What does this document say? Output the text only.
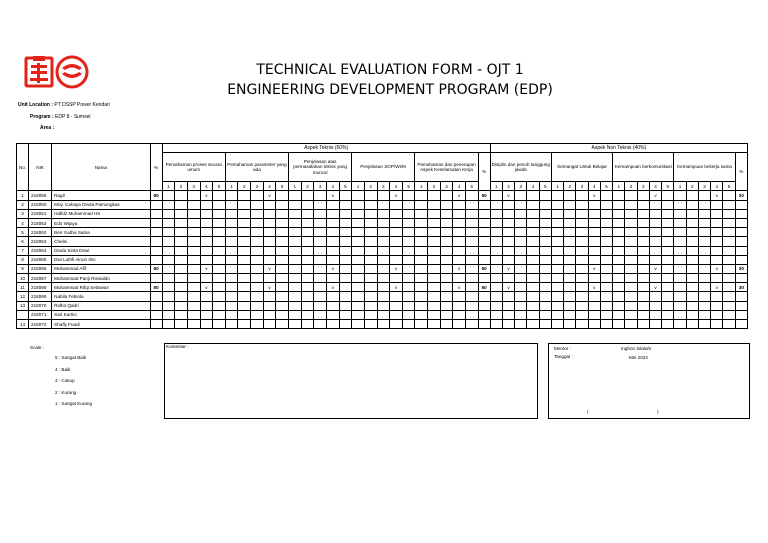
TECHNICAL EVALUATION FORM - OJT 1
ENGINEERING DEVELOPMENT PROGRAM (EDP)
Unit Location : PT DSSP Power Kendari
Program : EDP 8 - Sumsel
Area :
No.	NIK	Nama	%	Aspek Teknis (60%)																										Aspek Non Teknis (40%)																				
				Pemahaman proses secara umum					Pemahaman parameter yang ada					Penjelasan atas permasalahan teknis yang muncul					Penjelasan SOP/WI/IK					Pemahaman dan penerapan Aspek Keselamatan Kerja					%	Disiplin dan penuh tanggung jawab					Semangat Untuk Belajar					Kemampuan berkomunikasi					Kemampuan bekerja sama					%
				1	2	3	4	5	1	2	3	4	5	1	2	3	4	5	1	2	3	4	5	1	2	3	4	5		1	2	3	4	5	1	2	3	4	5	1	2	3	4	5	1	2	3	4	5	
1	218056	Ragil	80				v					v					v					v					v		50		v							v					v					v		30
2	218050	Moy. Cahaya Dinda Pamungkas																																																
3	218051	Hafidz Muhammad HS																																																
4	218052	Edo Wijaya																																																
5	218062	Ben Yudha Satria																																																
6	218063	Chelsi																																																
7	218064	Dinda Sinta Dewi																																																
8	218065	Dwi Luthfi Ainun Ilmi																																																
9	218066	Muhammad Afif	80				v					v					v					v					v		50		v							v					v					v		30
10	218067	Muhammad Panji Risvialdo																																																
11	218068	Muhammad Rifqi Setiawan	80				v					v					v					v					v		50		v							v					v					v		30
12	218069	Nabila Febiola																																																
13	218070	Ridho Qadri																																																
	218071	Sari Kartini																																																
14	218072	Shafly Fuadi																																																
Scale :
5 : Sangat Baik
4 : Baik
3 : Cukup
2 : Kurang
1 : Sangat Kurang
Komentar :	Mentor :	Inghon Silalahi
Tanggal :	Mei 2022
(	)
